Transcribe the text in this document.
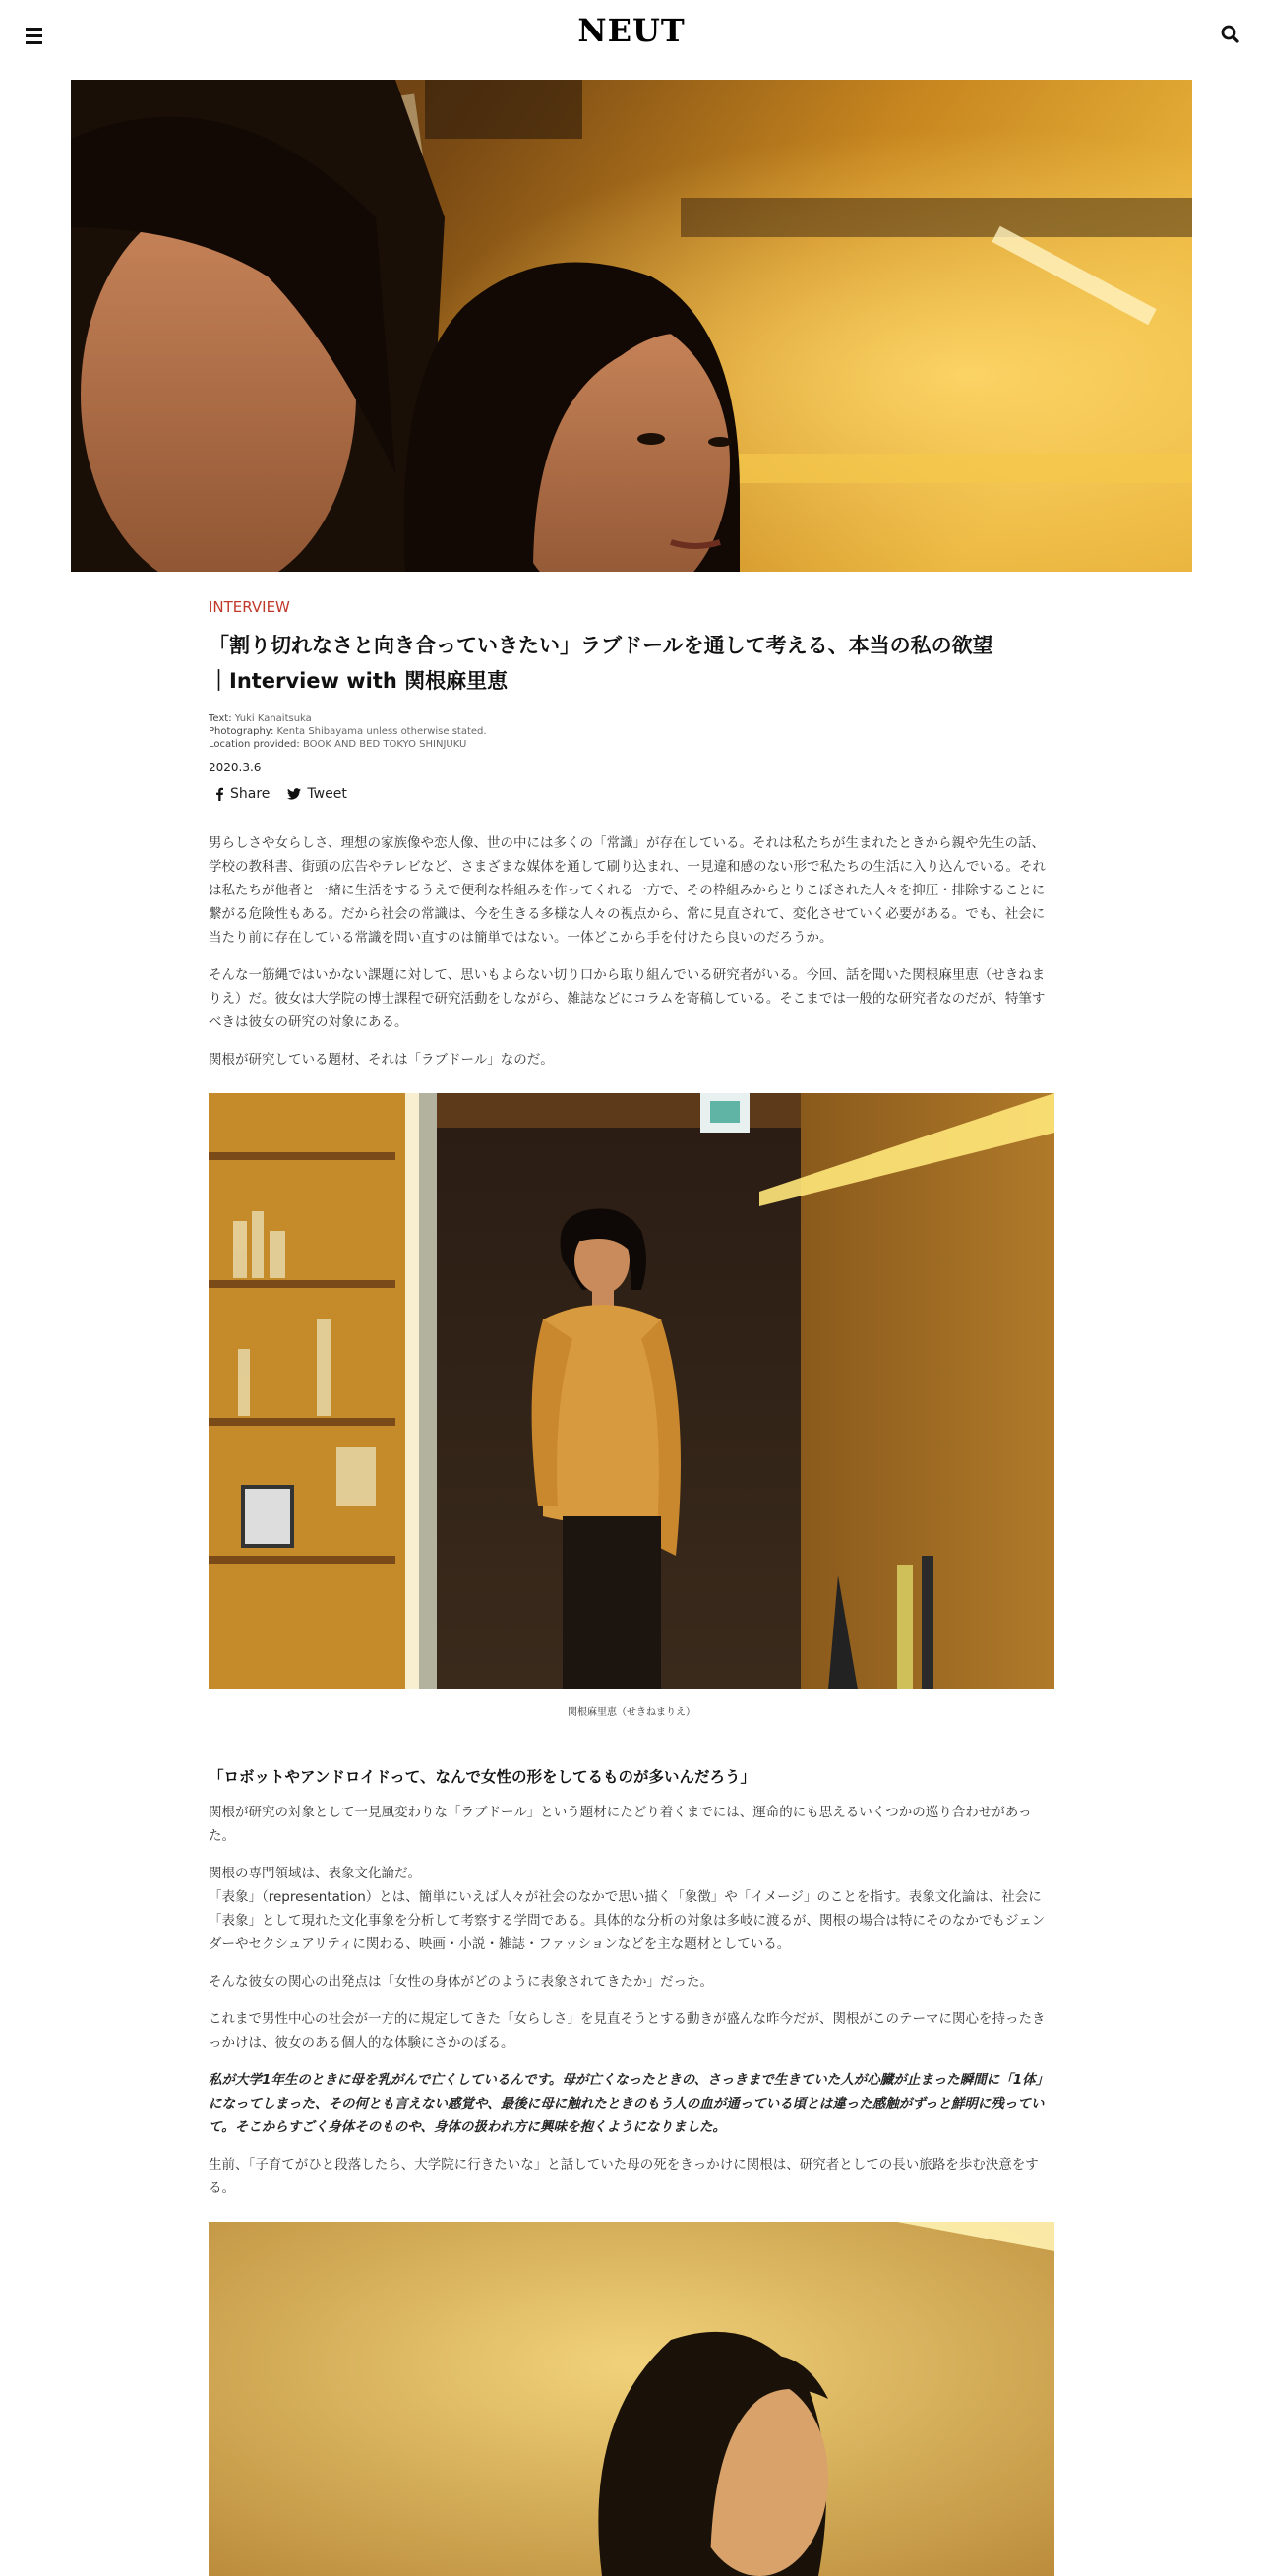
NEUT
INTERVIEW
「割り切れなさと向き合っていきたい」ラブドールを通して考える、本当の私の欲望
｜Interview with 関根麻里恵
Text: Yuki Kanaitsuka
Photography: Kenta Shibayama unless otherwise stated.
Location provided: BOOK AND BED TOKYO SHINJUKU
2020.3.6
Share	Tweet

男らしさや女らしさ、理想の家族像や恋人像、世の中には多くの「常識」が存在している。それは私たちが生まれたときから親や先生の話、学校の教科書、街頭の広告やテレビなど、さまざまな媒体を通して刷り込まれ、一見違和感のない形で私たちの生活に入り込んでいる。それは私たちが他者と一緒に生活をするうえで便利な枠組みを作ってくれる一方で、その枠組みからとりこぼされた人々を抑圧・排除することに繋がる危険性もある。だから社会の常識は、今を生きる多様な人々の視点から、常に見直されて、変化させていく必要がある。でも、社会に当たり前に存在している常識を問い直すのは簡単ではない。一体どこから手を付けたら良いのだろうか。

そんな一筋縄ではいかない課題に対して、思いもよらない切り口から取り組んでいる研究者がいる。今回、話を聞いた関根麻里恵（せきねまりえ）だ。彼女は大学院の博士課程で研究活動をしながら、雑誌などにコラムを寄稿している。そこまでは一般的な研究者なのだが、特筆すべきは彼女の研究の対象にある。

関根が研究している題材、それは「ラブドール」なのだ。

関根麻里恵（せきねまりえ）
「ロボットやアンドロイドって、なんで女性の形をしてるものが多いんだろう」

関根が研究の対象として一見風変わりな「ラブドール」という題材にたどり着くまでには、運命的にも思えるいくつかの巡り合わせがあった。

関根の専門領域は、表象文化論だ。

「表象」（representation）とは、簡単にいえば人々が社会のなかで思い描く「象徴」や「イメージ」のことを指す。表象文化論は、社会に「表象」として現れた文化事象を分析して考察する学問である。具体的な分析の対象は多岐に渡るが、関根の場合は特にそのなかでもジェンダーやセクシュアリティに関わる、映画・小説・雑誌・ファッションなどを主な題材としている。

そんな彼女の関心の出発点は「女性の身体がどのように表象されてきたか」だった。

これまで男性中心の社会が一方的に規定してきた「女らしさ」を見直そうとする動きが盛んな昨今だが、関根がこのテーマに関心を持ったきっかけは、彼女のある個人的な体験にさかのぼる。

私が大学1年生のときに母を乳がんで亡くしているんです。母が亡くなったときの、さっきまで生きていた人が心臓が止まった瞬間に「1体」になってしまった、その何とも言えない感覚や、最後に母に触れたときのもう人の血が通っている頃とは違った感触がずっと鮮明に残っていて。そこからすごく身体そのものや、身体の扱われ方に興味を抱くようになりました。

生前、「子育てがひと段落したら、大学院に行きたいな」と話していた母の死をきっかけに関根は、研究者としての長い旅路を歩む決意をする。
